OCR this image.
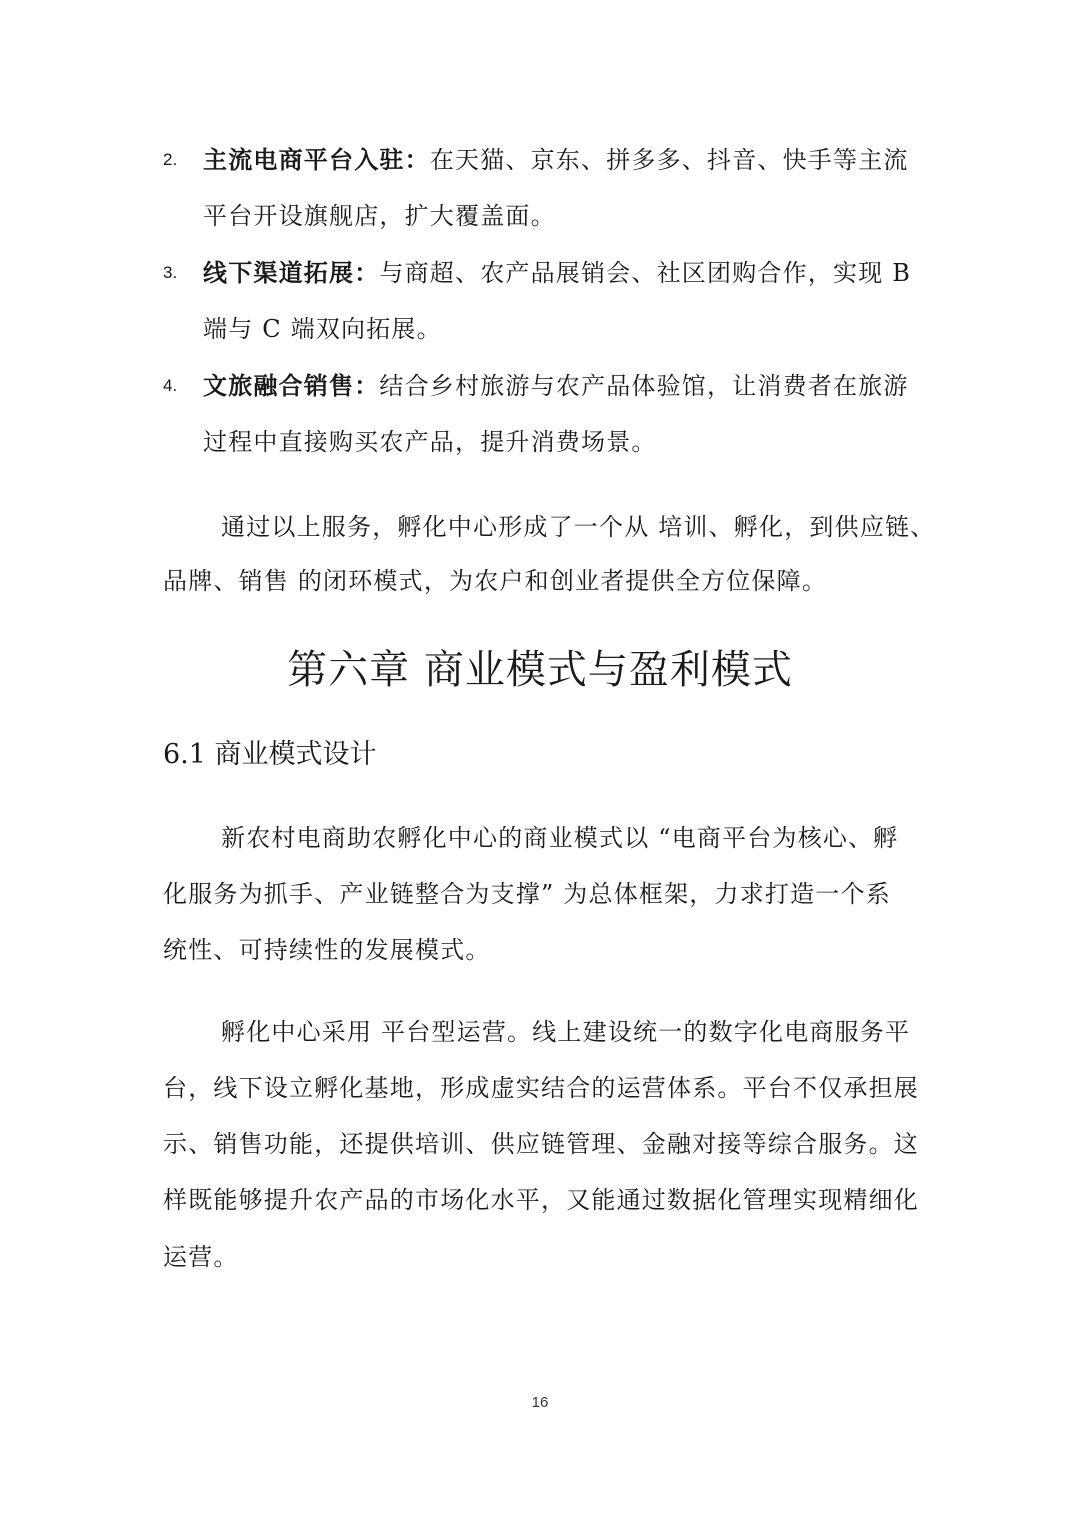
2. 主流电商平台入驻：在天猫、京东、拼多多、抖音、快手等主流
平台开设旗舰店，扩大覆盖面。
3. 线下渠道拓展：与商超、农产品展销会、社区团购合作，实现 B
端与 C 端双向拓展。
4. 文旅融合销售：结合乡村旅游与农产品体验馆，让消费者在旅游
过程中直接购买农产品，提升消费场景。
通过以上服务，孵化中心形成了一个从 培训、孵化，到供应链、
品牌、销售 的闭环模式，为农户和创业者提供全方位保障。
第六章 商业模式与盈利模式
6.1 商业模式设计
新农村电商助农孵化中心的商业模式以 “电商平台为核心、孵
化服务为抓手、产业链整合为支撑” 为总体框架，力求打造一个系
统性、可持续性的发展模式。
孵化中心采用 平台型运营。线上建设统一的数字化电商服务平
台，线下设立孵化基地，形成虚实结合的运营体系。平台不仅承担展
示、销售功能，还提供培训、供应链管理、金融对接等综合服务。这
样既能够提升农产品的市场化水平，又能通过数据化管理实现精细化
运营。
16
